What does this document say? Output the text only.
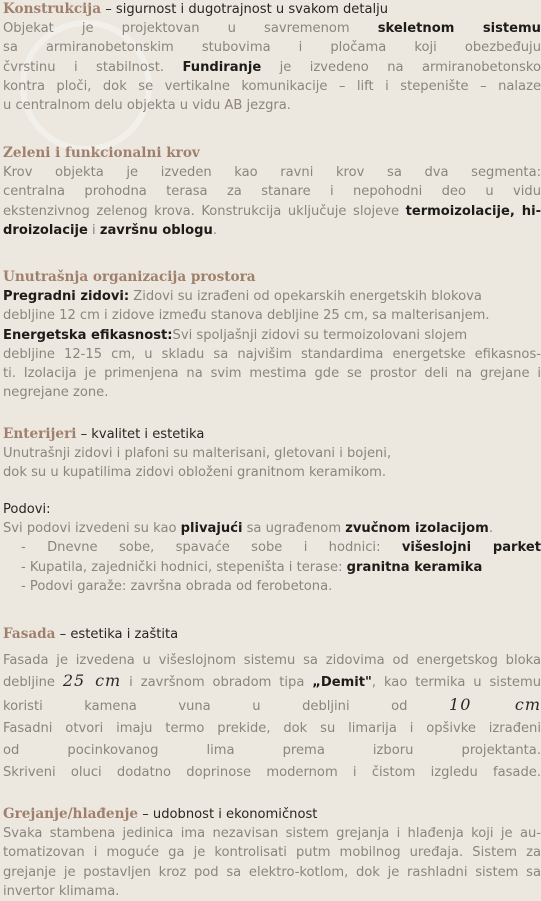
Konstrukcija – sigurnost i dugotrajnost u svakom detalju

Objekat je projektovan u savremenom skeletnom sistemu

sa armiranobetonskim stubovima i pločama koji obezbeđuju

čvrstinu i stabilnost. Fundiranje je izvedeno na armiranobetonsko

kontra ploči, dok se vertikalne komunikacije – lift i stepenište – nalaze

u centralnom delu objekta u vidu AB jezgra.

Zeleni i funkcionalni krov

Krov objekta je izveden kao ravni krov sa dva segmenta:

centralna prohodna terasa za stanare i nepohodni deo u vidu

ekstenzivnog zelenog krova. Konstrukcija uključuje slojeve termoizolacije, hi-

droizolacije i završnu oblogu.

Unutrašnja organizacija prostora

Pregradni zidovi: Zidovi su izrađeni od opekarskih energetskih blokova

debljine 12 cm i zidove između stanova debljine 25 cm, sa malterisanjem.

Energetska efikasnost:Svi spoljašnji zidovi su termoizolovani slojem

debljine 12-15 cm, u skladu sa najvišim standardima energetske efikasnos-

ti. Izolacija je primenjena na svim mestima gde se prostor deli na grejane i

negrejane zone.

Enterijeri – kvalitet i estetika

Unutrašnji zidovi i plafoni su malterisani, gletovani i bojeni,

dok su u kupatilima zidovi obloženi granitnom keramikom.

Podovi:

Svi podovi izvedeni su kao plivajući sa ugrađenom zvučnom izolacijom.

- Dnevne sobe, spavaće sobe i hodnici: višeslojni parket

- Kupatila, zajednički hodnici, stepeništa i terase: granitna keramika

- Podovi garaže: završna obrada od ferobetona.

Fasada – estetika i zaštita

Fasada je izvedena u višeslojnom sistemu sa zidovima od energetskog bloka

debljine 25 cm i završnom obradom tipa „Demit", kao termika u sistemu

koristi kamena vuna u debljini od 10 cm

Fasadni otvori imaju termo prekide, dok su limarija i opšivke izrađeni

od pocinkovanog lima prema izboru projektanta.

Skriveni oluci dodatno doprinose modernom i čistom izgledu fasade.

Grejanje/hlađenje – udobnost i ekonomičnost

Svaka stambena jedinica ima nezavisan sistem grejanja i hlađenja koji je au-

tomatizovan i moguće ga je kontrolisati putm mobilnog uređaja. Sistem za

grejanje je postavljen kroz pod sa elektro-kotlom, dok je rashladni sistem sa

invertor klimama.
